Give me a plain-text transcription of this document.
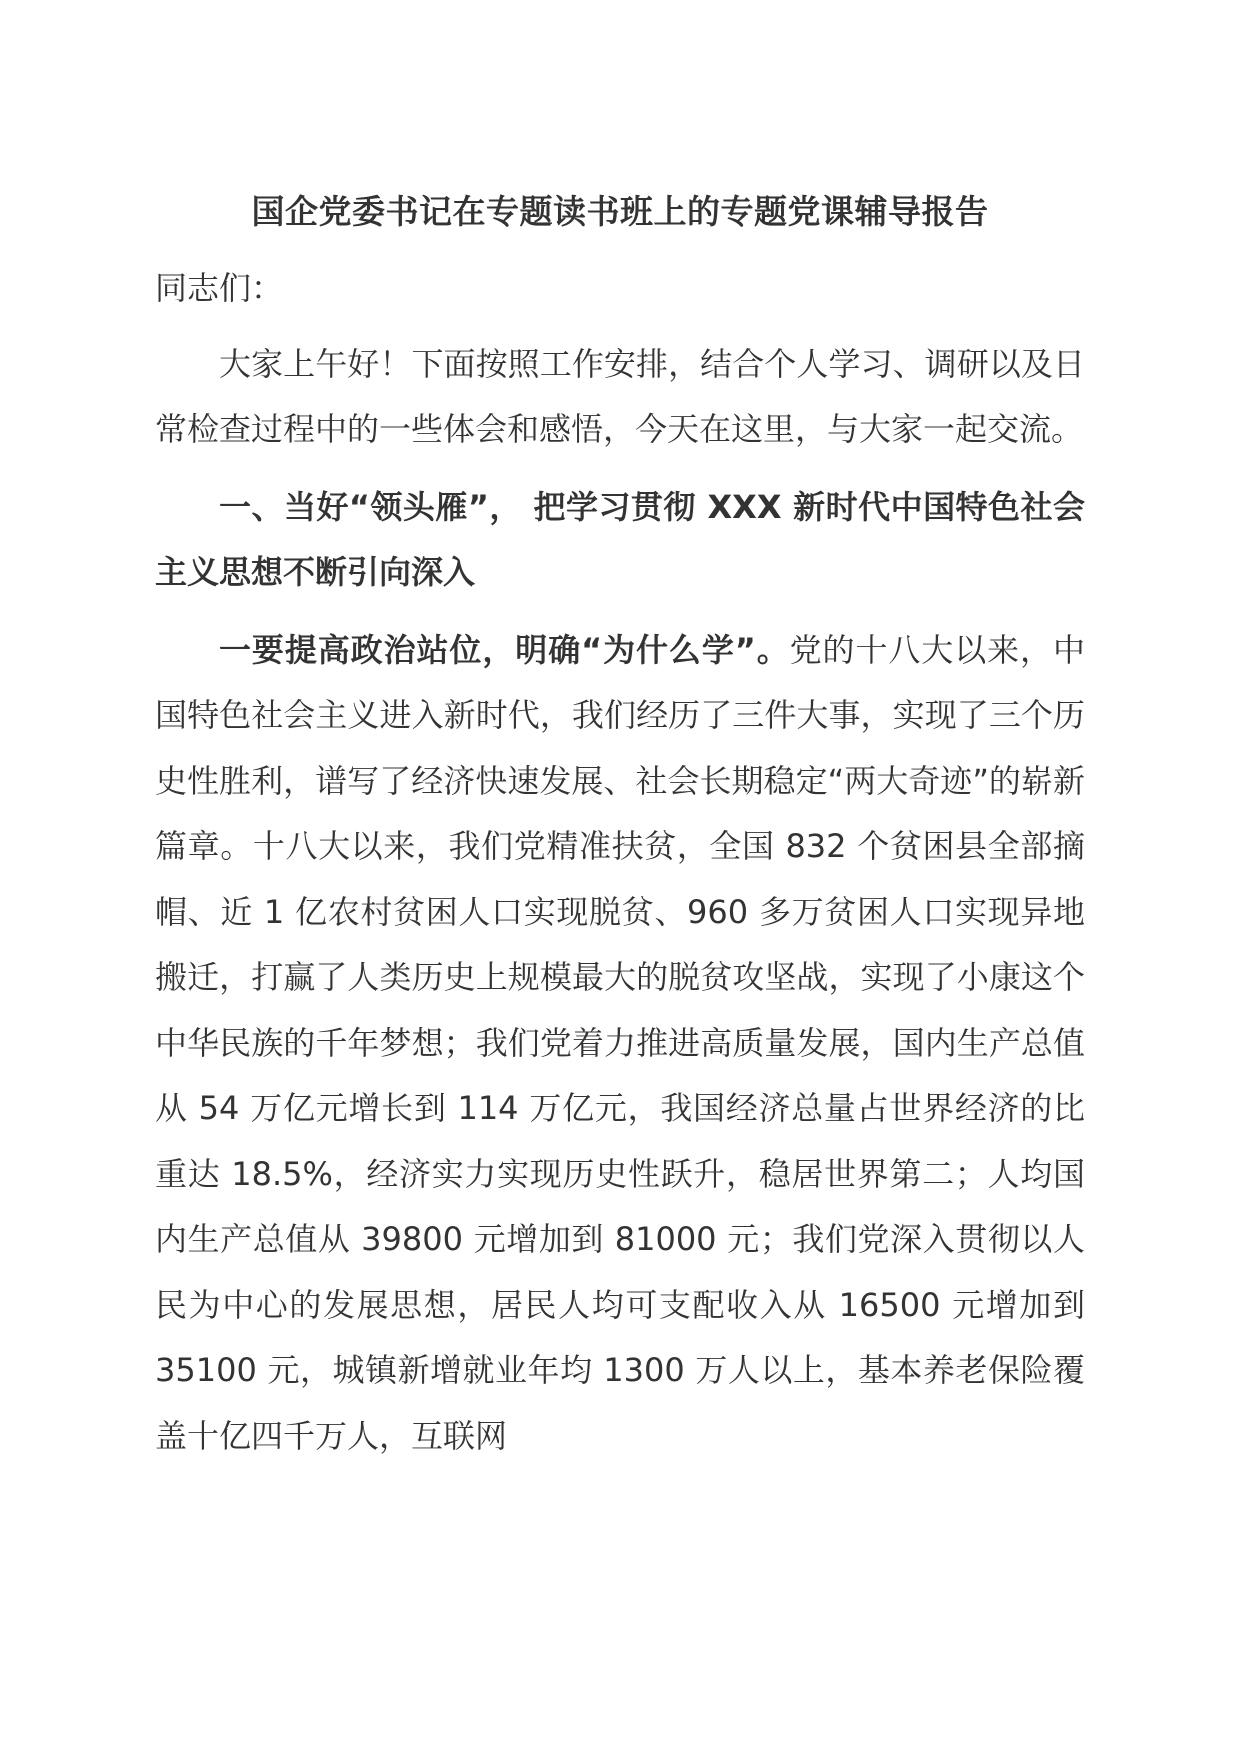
国企党委书记在专题读书班上的专题党课辅导报告

同志们：

大家上午好！下面按照工作安排，结合个人学习、调研以及日常检查过程中的一些体会和感悟，今天在这里，与大家一起交流。

一、当好“领头雁”， 把学习贯彻 XXX 新时代中国特色社会主义思想不断引向深入

一要提高政治站位，明确“为什么学”。党的十八大以来，中国特色社会主义进入新时代，我们经历了三件大事，实现了三个历史性胜利，谱写了经济快速发展、社会长期稳定“两大奇迹”的崭新篇章。十八大以来，我们党精准扶贫，全国 832 个贫困县全部摘帽、近 1 亿农村贫困人口实现脱贫、960 多万贫困人口实现异地搬迁，打赢了人类历史上规模最大的脱贫攻坚战，实现了小康这个中华民族的千年梦想；我们党着力推进高质量发展，国内生产总值从 54 万亿元增长到 114 万亿元，我国经济总量占世界经济的比重达 18.5%，经济实力实现历史性跃升，稳居世界第二；人均国内生产总值从 39800 元增加到 81000 元；我们党深入贯彻以人民为中心的发展思想，居民人均可支配收入从 16500 元增加到 35100 元，城镇新增就业年均 1300 万人以上，基本养老保险覆盖十亿四千万人，互联网
